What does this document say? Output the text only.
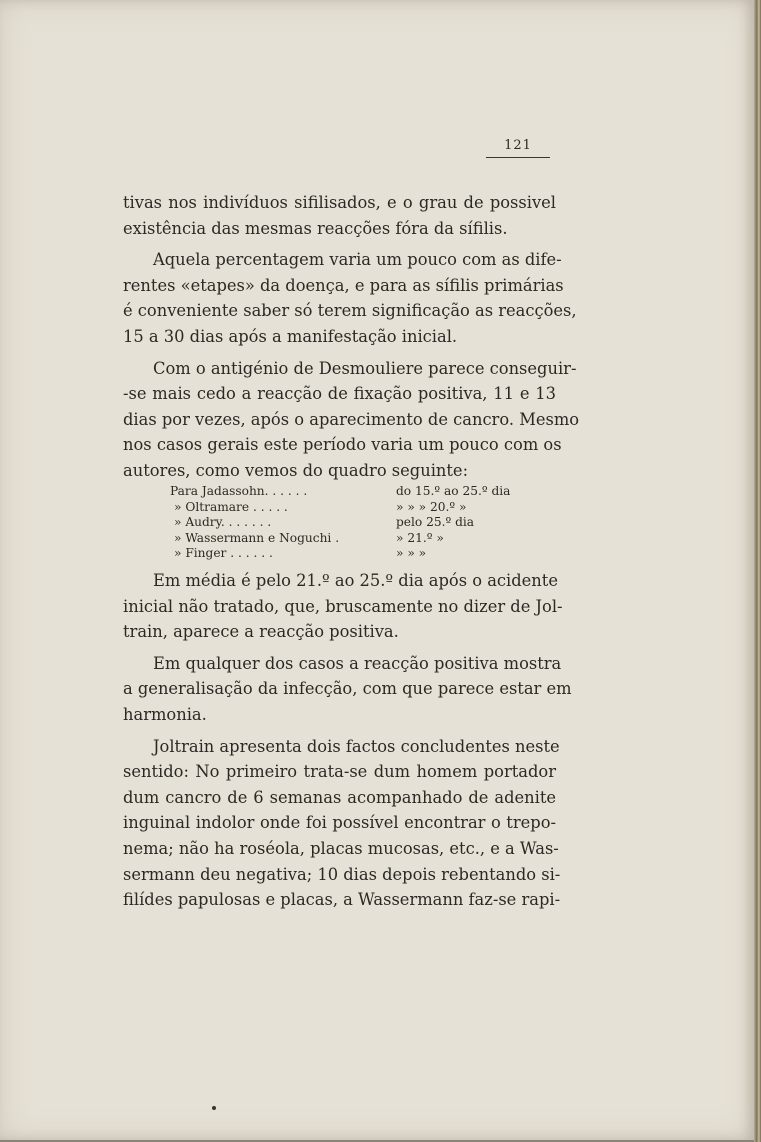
121

tivas nos indivíduos sifilisados, e o grau de possivel
existência das mesmas reacções fóra da sífilis.

Aquela percentagem varia um pouco com as dife-
rentes «etapes» da doença, e para as sífilis primárias
é conveniente saber só terem significação as reacções,
15 a 30 dias após a manifestação inicial.

Com o antigénio de Desmouliere parece conseguir-
-se mais cedo a reacção de fixação positiva, 11 e 13
dias por vezes, após o aparecimento de cancro. Mesmo
nos casos gerais este período varia um pouco com os
autores, como vemos do quadro seguinte:

Para Jadassohn. . . . . .	do 15.º ao 25.º dia
» Oltramare . . . . .	» » » 20.º »
» Audry. . . . . . .	pelo 25.º dia
» Wassermann e Noguchi .	» 21.º »
» Finger . . . . . .	» » »

Em média é pelo 21.º ao 25.º dia após o acidente
inicial não tratado, que, bruscamente no dizer de Jol-
train, aparece a reacção positiva.

Em qualquer dos casos a reacção positiva mostra
a generalisação da infecção, com que parece estar em
harmonia.

Joltrain apresenta dois factos concludentes neste
sentido: No primeiro trata-se dum homem portador
dum cancro de 6 semanas acompanhado de adenite
inguinal indolor onde foi possível encontrar o trepo-
nema; não ha roséola, placas mucosas, etc., e a Was-
sermann deu negativa; 10 dias depois rebentando si-
filídes papulosas e placas, a Wassermann faz-se rapi-
